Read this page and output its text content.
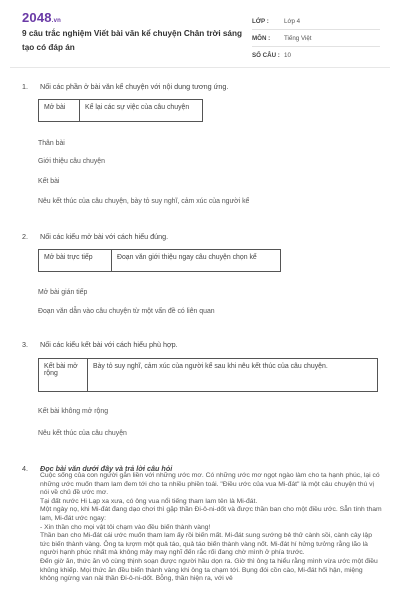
2048.vn
9 câu trắc nghiệm Viết bài văn kể chuyện Chân trời sáng tạo có đáp án
LỚP :	Lớp 4
MÔN :	Tiếng Việt
SỐ CÂU : 10
1.	Nối các phần ở bài văn kể chuyện với nội dung tương ứng.
Mở bài	Kể lại các sự việc của câu chuyện
Thân bài
Giới thiệu câu chuyện
Kết bài
Nêu kết thúc của câu chuyện, bày tỏ suy nghĩ, cảm xúc của người kể
2.	Nối các kiểu mở bài với cách hiểu đúng.
Mở bài trực tiếp	Đoạn văn giới thiệu ngay câu chuyện chọn kể
Mở bài gián tiếp
Đoạn văn dẫn vào câu chuyện từ một vấn đề có liên quan
3.	Nối các kiểu kết bài với cách hiểu phù hợp.
Kết bài mở rộng	Bày tỏ suy nghĩ, cảm xúc của người kể sau khi nêu kết thúc của câu chuyện.
Kết bài không mở rộng
Nêu kết thúc của câu chuyện
4.	Đọc bài văn dưới đây và trả lời câu hỏi

Cuộc sống của con người gắn liền với những ước mơ. Có những ước mơ ngọt ngào làm cho ta hạnh phúc, lại có những ước muốn tham lam đem tới cho ta nhiều phiền toái. "Điều ước của vua Mi-đát" là một câu chuyện thú vị nói về chủ đề ước mơ.

Tại đất nước Hi Lạp xa xưa, có ông vua nổi tiếng tham lam tên là Mi-đát.

Một ngày nọ, khi Mi-đát đang dạo chơi thì gặp thần Đi-ô-ni-dốt và được thần ban cho một điều ước. Sẵn tính tham lam, Mi-đát ước ngay:

- Xin thần cho mọi vật tôi chạm vào đều biến thành vàng!

Thần ban cho Mi-đát cái ước muốn tham lam ấy rồi biến mất. Mi-đát sung sướng bẻ thử cành sồi, cành cây lập tức biến thành vàng. Ông ta lượm một quả táo, quả táo biến thành vàng nốt. Mi-đát hí hửng tưởng rằng lão là người hạnh phúc nhất mà không mảy may nghĩ đến rắc rối đang chờ mình ở phía trước.

Đến giờ ăn, thức ăn vô cùng thịnh soạn được người hầu dọn ra. Giờ thì ông ta hiểu rằng mình vừa ước một điều khủng khiếp. Mọi thức ăn đều biến thành vàng khi ông ta chạm tới. Bụng đói cồn cào, Mi-đát hối hận, miệng không ngừng van nài thần Đi-ô-ni-dốt. Bỗng, thần hiện ra, với vẻ
